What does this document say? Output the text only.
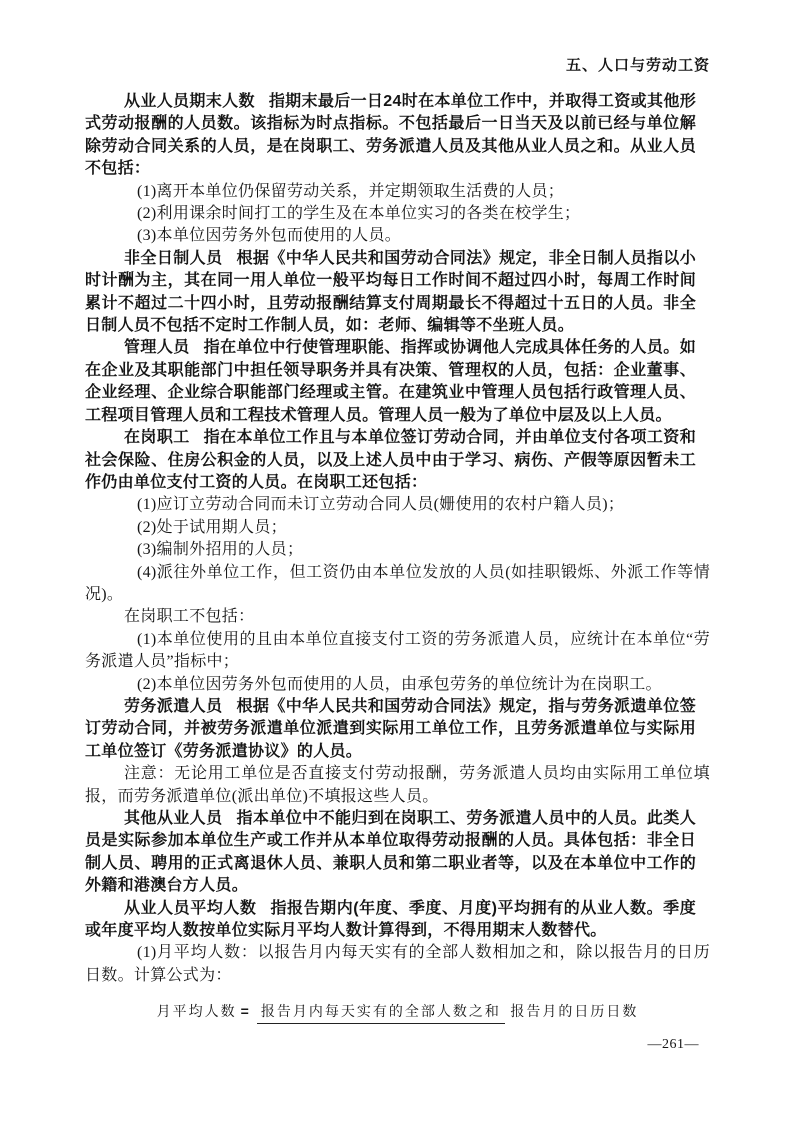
五、人口与劳动工资

从业人员期末人数 指期末最后一日24时在本单位工作中，并取得工资或其他形式劳动报酬的人员数。该指标为时点指标。不包括最后一日当天及以前已经与单位解除劳动合同关系的人员，是在岗职工、劳务派遣人员及其他从业人员之和。从业人员不包括：

(1)离开本单位仍保留劳动关系，并定期领取生活费的人员；

(2)利用课余时间打工的学生及在本单位实习的各类在校学生；

(3)本单位因劳务外包而使用的人员。

非全日制人员 根据《中华人民共和国劳动合同法》规定，非全日制人员指以小时计酬为主，其在同一用人单位一般平均每日工作时间不超过四小时，每周工作时间累计不超过二十四小时，且劳动报酬结算支付周期最长不得超过十五日的人员。非全日制人员不包括不定时工作制人员，如：老师、编辑等不坐班人员。

管理人员 指在单位中行使管理职能、指挥或协调他人完成具体任务的人员。如在企业及其职能部门中担任领导职务并具有决策、管理权的人员，包括：企业董事、企业经理、企业综合职能部门经理或主管。在建筑业中管理人员包括行政管理人员、工程项目管理人员和工程技术管理人员。管理人员一般为了单位中层及以上人员。

在岗职工 指在本单位工作且与本单位签订劳动合同，并由单位支付各项工资和社会保险、住房公积金的人员，以及上述人员中由于学习、病伤、产假等原因暂未工作仍由单位支付工资的人员。在岗职工还包括：

(1)应订立劳动合同而未订立劳动合同人员(姗使用的农村户籍人员)；

(2)处于试用期人员；

(3)编制外招用的人员；

(4)派往外单位工作，但工资仍由本单位发放的人员(如挂职锻烁、外派工作等情况)。

在岗职工不包括：

(1)本单位使用的且由本单位直接支付工资的劳务派遣人员，应统计在本单位“劳务派遣人员”指标中；

(2)本单位因劳务外包而使用的人员，由承包劳务的单位统计为在岗职工。

劳务派遣人员 根据《中华人民共和国劳动合同法》规定，指与劳务派遗单位签订劳动合同，并被劳务派遣单位派遣到实际用工单位工作，且劳务派遣单位与实际用工单位签订《劳务派遣协议》的人员。

注意：无论用工单位是否直接支付劳动报酬，劳务派遣人员均由实际用工单位填报，而劳务派遣单位(派出单位)不填报这些人员。

其他从业人员 指本单位中不能归到在岗职工、劳务派遣人员中的人员。此类人员是实际参加本单位生产或工作并从本单位取得劳动报酬的人员。具体包括：非全日制人员、聘用的正式离退休人员、兼职人员和第二职业者等，以及在本单位中工作的外籍和港澳台方人员。

从业人员平均人数 指报告期内(年度、季度、月度)平均拥有的从业人数。季度或年度平均人数按单位实际月平均人数计算得到，不得用期末人数替代。

(1)月平均人数：以报告月内每天实有的全部人数相加之和，除以报告月的日历日数。计算公式为：

月平均人数 = 报告月内每天实有的全部人数之和 报告月的日历日数
—261—
